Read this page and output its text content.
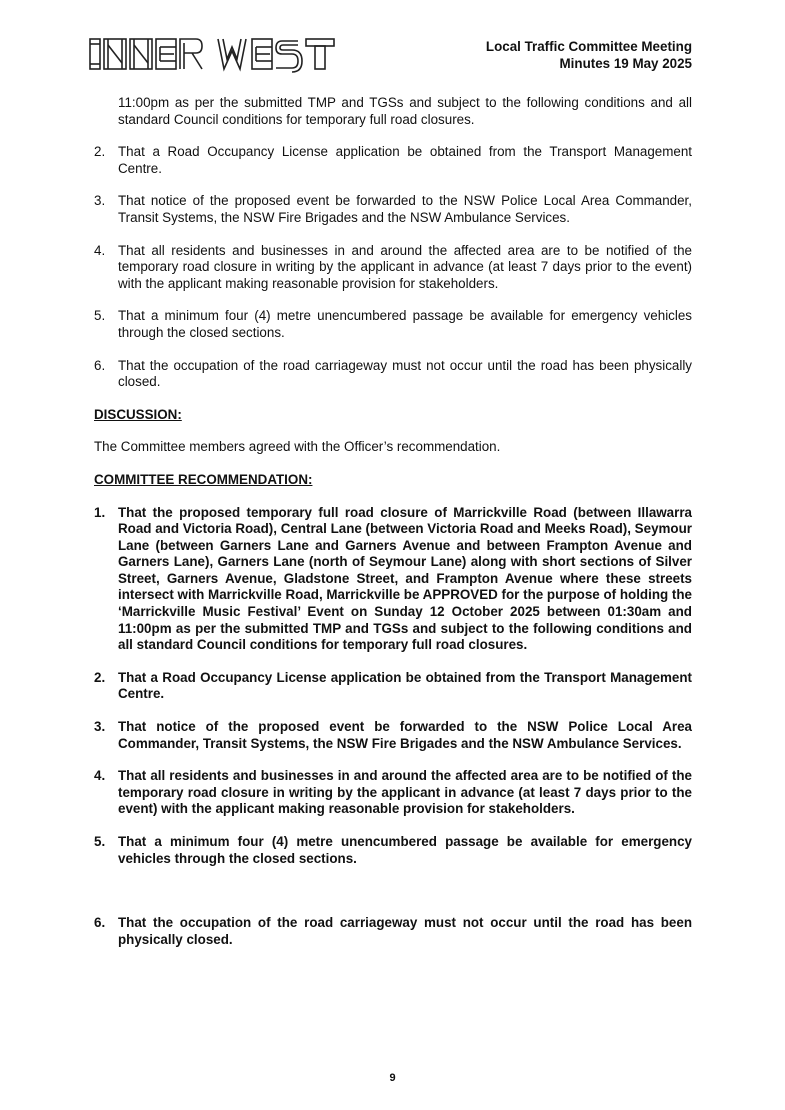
Local Traffic Committee Meeting
Minutes 19 May 2025

11:00pm as per the submitted TMP and TGSs and subject to the following conditions and all standard Council conditions for temporary full road closures.

2. That a Road Occupancy License application be obtained from the Transport Management Centre.
3. That notice of the proposed event be forwarded to the NSW Police Local Area Commander, Transit Systems, the NSW Fire Brigades and the NSW Ambulance Services.
4. That all residents and businesses in and around the affected area are to be notified of the temporary road closure in writing by the applicant in advance (at least 7 days prior to the event) with the applicant making reasonable provision for stakeholders.
5. That a minimum four (4) metre unencumbered passage be available for emergency vehicles through the closed sections.
6. That the occupation of the road carriageway must not occur until the road has been physically closed.

DISCUSSION:

The Committee members agreed with the Officer’s recommendation.

COMMITTEE RECOMMENDATION:

1. That the proposed temporary full road closure of Marrickville Road (between Illawarra Road and Victoria Road), Central Lane (between Victoria Road and Meeks Road), Seymour Lane (between Garners Lane and Garners Avenue and between Frampton Avenue and Garners Lane), Garners Lane (north of Seymour Lane) along with short sections of Silver Street, Garners Avenue, Gladstone Street, and Frampton Avenue where these streets intersect with Marrickville Road, Marrickville be APPROVED for the purpose of holding the ‘Marrickville Music Festival’ Event on Sunday 12 October 2025 between 01:30am and 11:00pm as per the submitted TMP and TGSs and subject to the following conditions and all standard Council conditions for temporary full road closures.
2. That a Road Occupancy License application be obtained from the Transport Management Centre.
3. That notice of the proposed event be forwarded to the NSW Police Local Area Commander, Transit Systems, the NSW Fire Brigades and the NSW Ambulance Services.
4. That all residents and businesses in and around the affected area are to be notified of the temporary road closure in writing by the applicant in advance (at least 7 days prior to the event) with the applicant making reasonable provision for stakeholders.
5. That a minimum four (4) metre unencumbered passage be available for emergency vehicles through the closed sections.
6. That the occupation of the road carriageway must not occur until the road has been physically closed.
9
